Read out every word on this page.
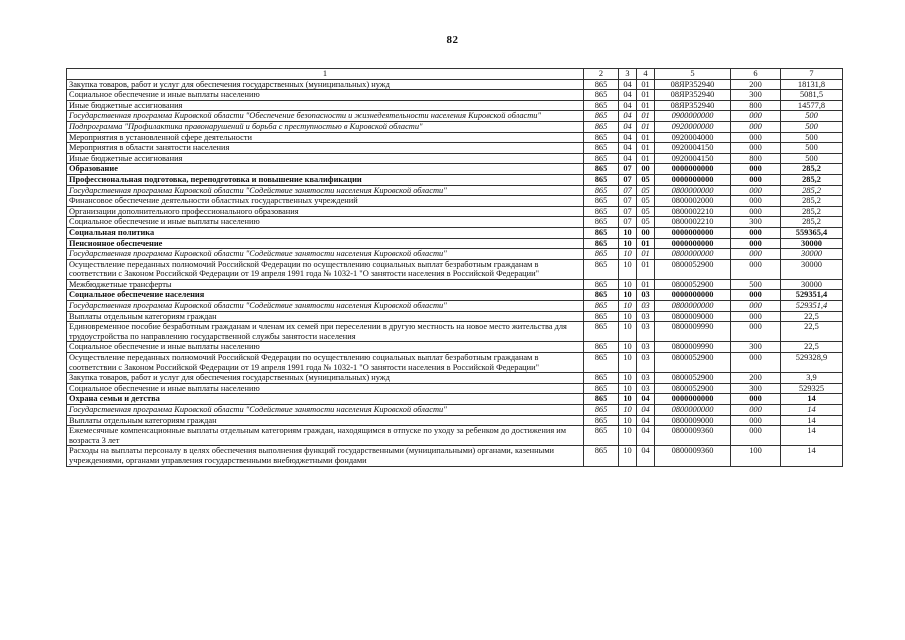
82
1	2	3	4	5	6	7
Закупка товаров, работ и услуг для обеспечения государственных (муниципальных) нужд	865	04	01	08ЯР352940	200	18131,8
Социальное обеспечение и иные выплаты населению	865	04	01	08ЯР352940	300	5081,5
Иные бюджетные ассигнования	865	04	01	08ЯР352940	800	14577,8
Государственная программа Кировской области "Обеспечение безопасности и жизнедеятельности населения Кировской области"	865	04	01	0900000000	000	500
Подпрограмма "Профилактика правонарушений и борьба с преступностью в Кировской области"	865	04	01	0920000000	000	500
Мероприятия в установленной сфере деятельности	865	04	01	0920004000	000	500
Мероприятия в области занятости населения	865	04	01	0920004150	000	500
Иные бюджетные ассигнования	865	04	01	0920004150	800	500
Образование	865	07	00	0000000000	000	285,2
Профессиональная подготовка, переподготовка и повышение квалификации	865	07	05	0000000000	000	285,2
Государственная программа Кировской области "Содействие занятости населения Кировской области"	865	07	05	0800000000	000	285,2
Финансовое обеспечение деятельности областных государственных учреждений	865	07	05	0800002000	000	285,2
Организации дополнительного профессионального образования	865	07	05	0800002210	000	285,2
Социальное обеспечение и иные выплаты населению	865	07	05	0800002210	300	285,2
Социальная политика	865	10	00	0000000000	000	559365,4
Пенсионное обеспечение	865	10	01	0000000000	000	30000
Государственная программа Кировской области "Содействие занятости населения Кировской области"	865	10	01	0800000000	000	30000
Осуществление переданных полномочий Российской Федерации по осуществлению социальных выплат безработным гражданам в соответствии с Законом Российской Федерации от 19 апреля 1991 года № 1032-1 "О занятости населения в Российской Федерации"	865	10	01	0800052900	000	30000
Межбюджетные трансферты	865	10	01	0800052900	500	30000
Социальное обеспечение населения	865	10	03	0000000000	000	529351,4
Государственная программа Кировской области "Содействие занятости населения Кировской области"	865	10	03	0800000000	000	529351,4
Выплаты отдельным категориям граждан	865	10	03	0800009000	000	22,5
Единовременное пособие безработным гражданам и членам их семей при переселении в другую местность на новое место жительства для трудоустройства по направлению государственной службы занятости населения	865	10	03	0800009990	000	22,5
Социальное обеспечение и иные выплаты населению	865	10	03	0800009990	300	22,5
Осуществление переданных полномочий Российской Федерации по осуществлению социальных выплат безработным гражданам в соответствии с Законом Российской Федерации от 19 апреля 1991 года № 1032-1 "О занятости населения в Российской Федерации"	865	10	03	0800052900	000	529328,9
Закупка товаров, работ и услуг для обеспечения государственных (муниципальных) нужд	865	10	03	0800052900	200	3,9
Социальное обеспечение и иные выплаты населению	865	10	03	0800052900	300	529325
Охрана семьи и детства	865	10	04	0000000000	000	14
Государственная программа Кировской области "Содействие занятости населения Кировской области"	865	10	04	0800000000	000	14
Выплаты отдельным категориям граждан	865	10	04	0800009000	000	14
Ежемесячные компенсационные выплаты отдельным категориям граждан, находящимся в отпуске по уходу за ребенком до достижения им возраста 3 лет	865	10	04	0800009360	000	14
Расходы на выплаты персоналу в целях обеспечения выполнения функций государственными (муниципальными) органами, казенными учреждениями, органами управления государственными внебюджетными фондами	865	10	04	0800009360	100	14
